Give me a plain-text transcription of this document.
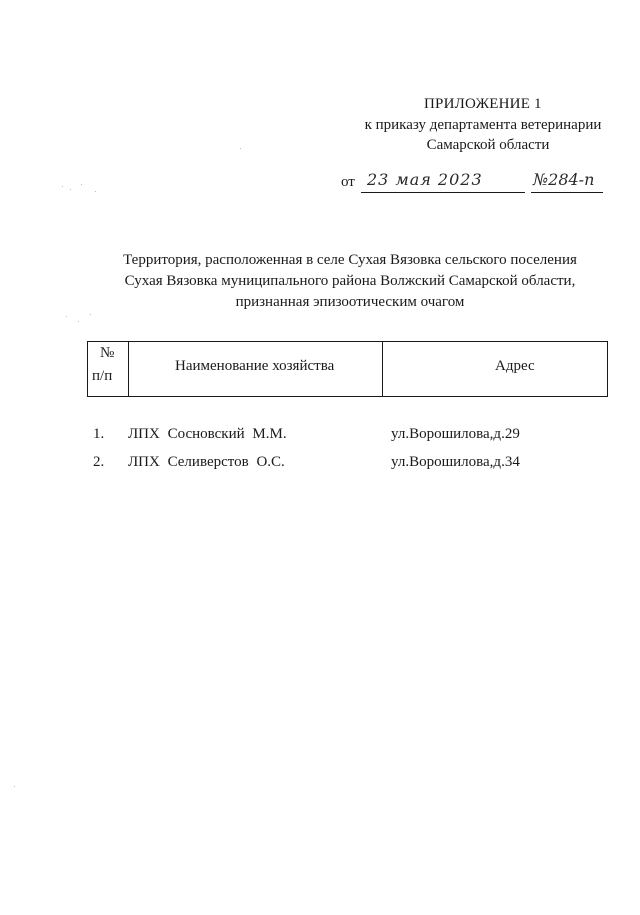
ПРИЛОЖЕНИЕ 1
к приказу департамента ветеринарии
Самарской области
от 23 мая 2023	№284-п
Территория, расположенная в селе Сухая Вязовка сельского поселения
Сухая Вязовка муниципального района Волжский Самарской области,
признанная эпизоотическим очагом
№
п/п
Наименование хозяйства	Адрес
1. ЛПХ Сосновский М.М.	ул.Ворошилова,д.29
2. ЛПХ Селиверстов О.С.	ул.Ворошилова,д.34
